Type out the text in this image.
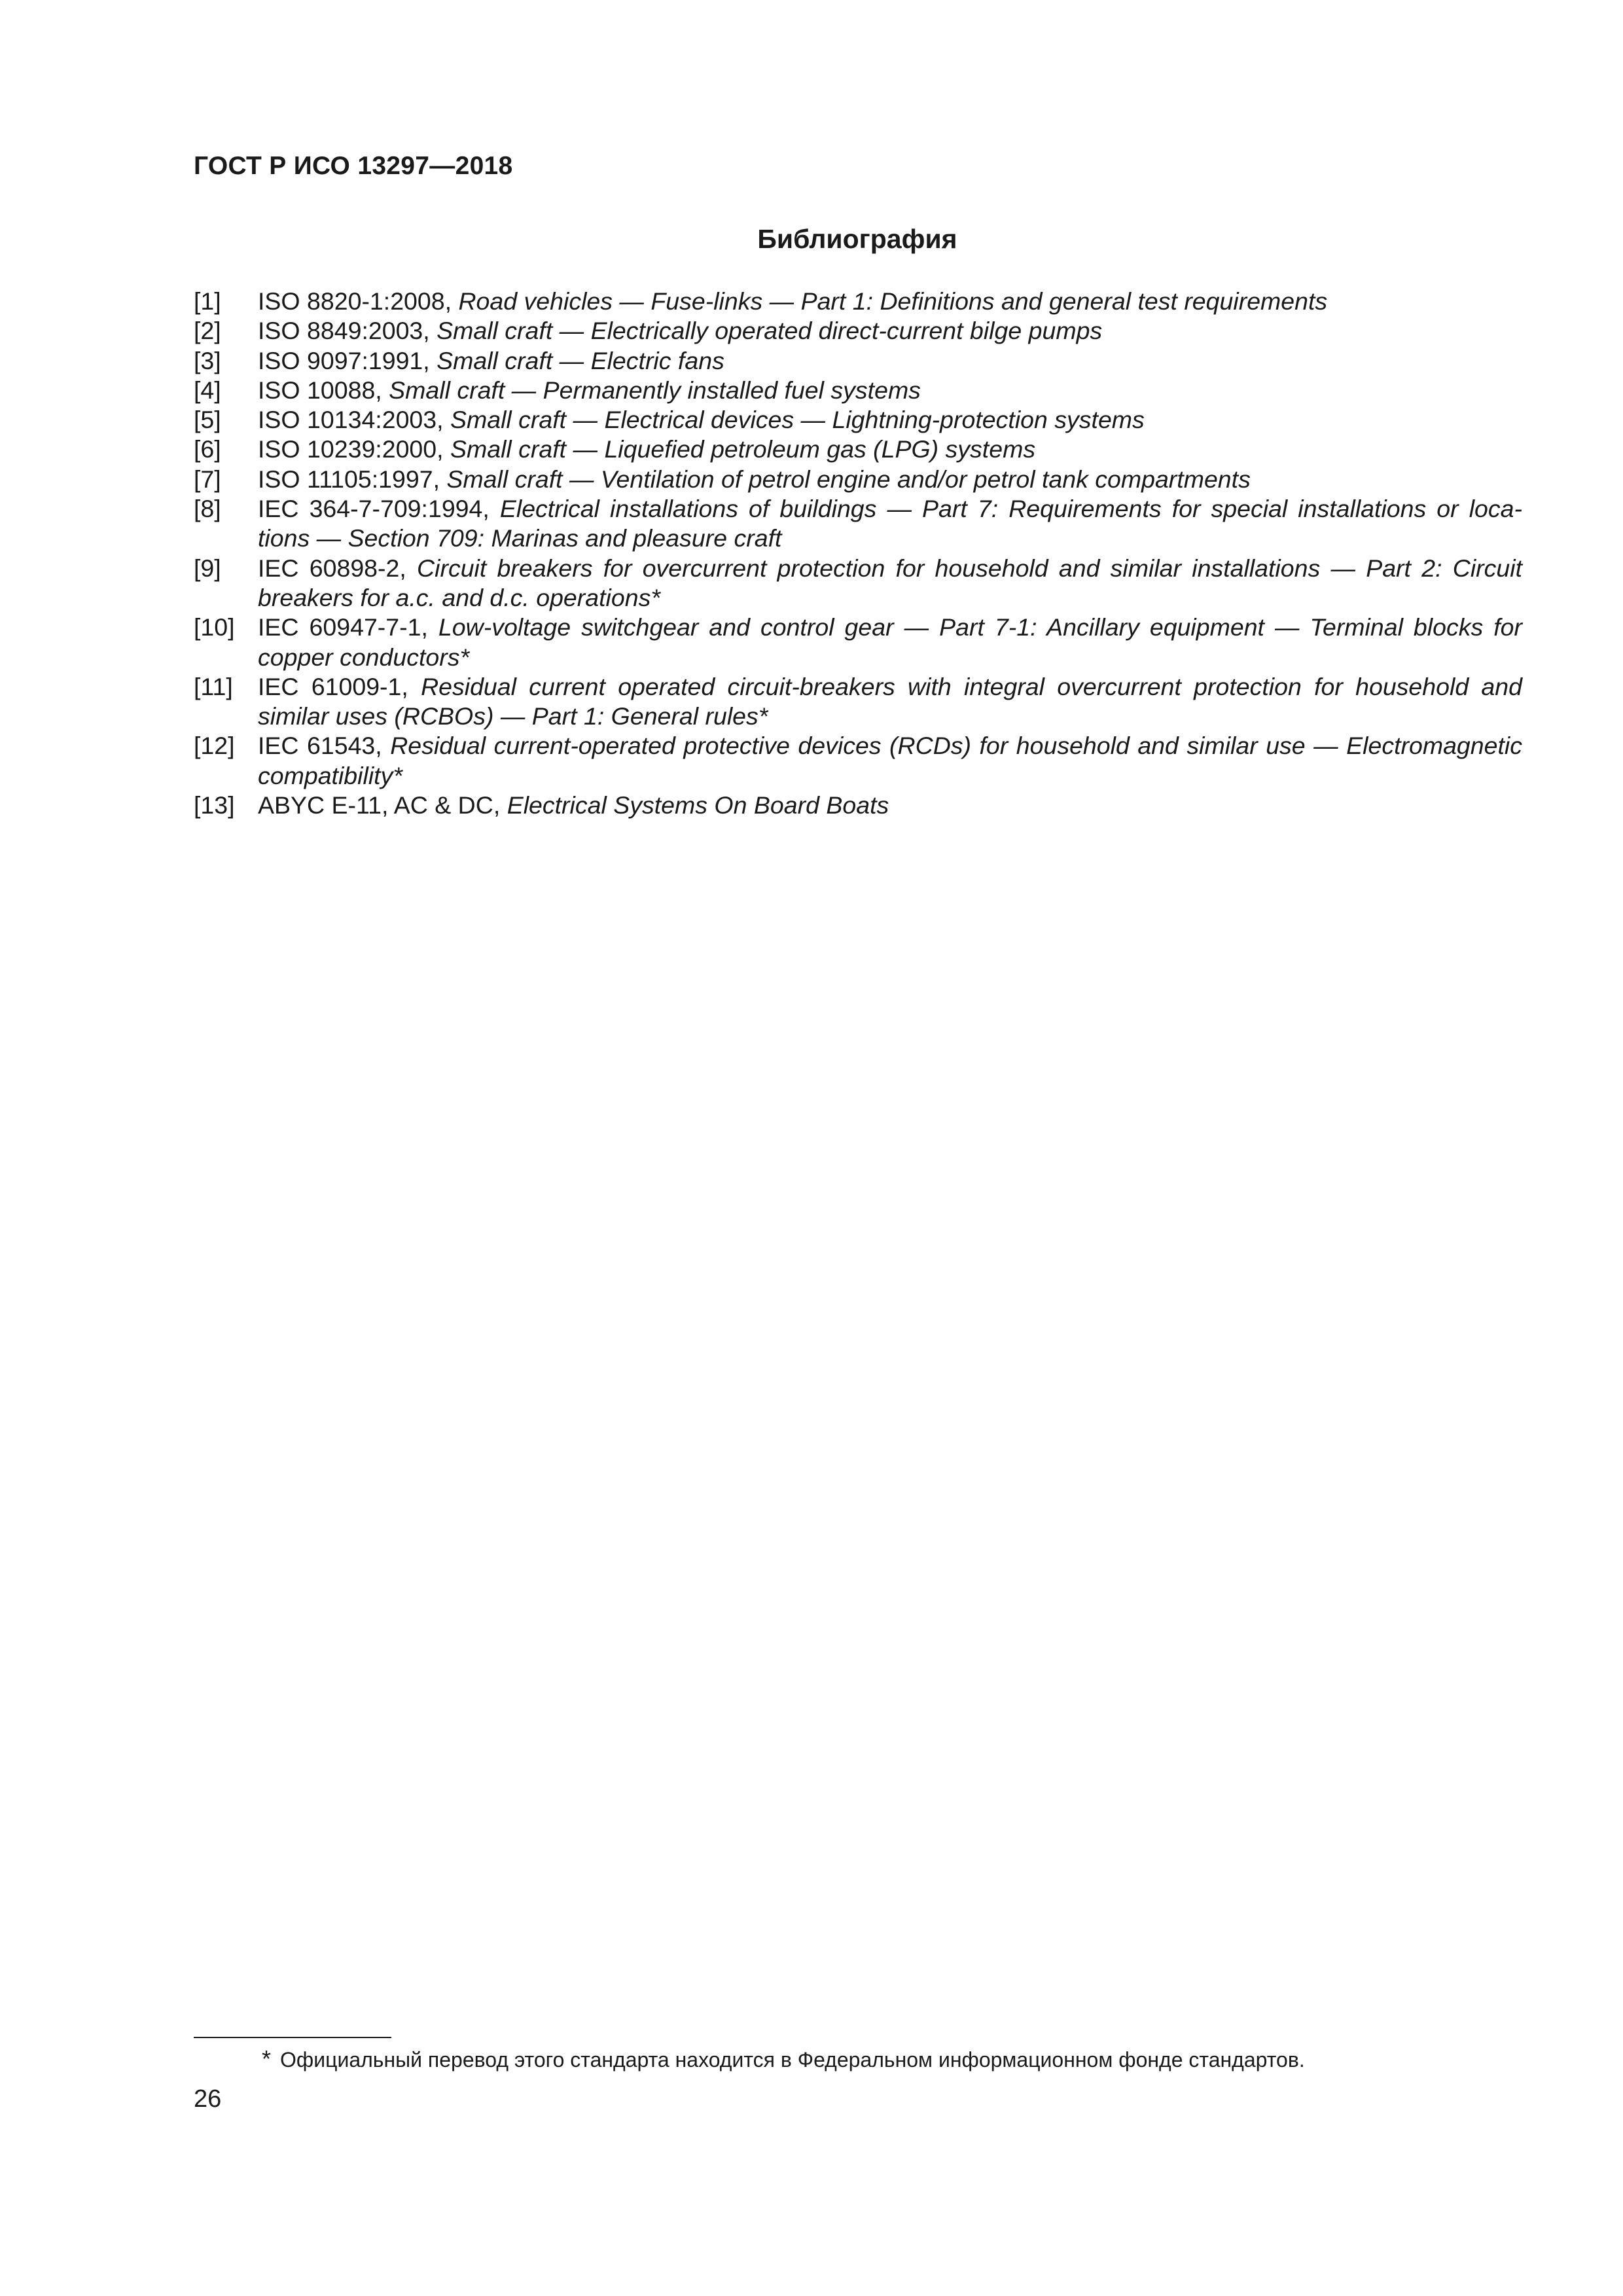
ГОСТ Р ИСО 13297—2018
Библиография
[1] ISO 8820-1:2008, Road vehicles — Fuse-links — Part 1: Definitions and general test requirements
[2] ISO 8849:2003, Small craft — Electrically operated direct-current bilge pumps
[3] ISO 9097:1991, Small craft — Electric fans
[4] ISO 10088, Small craft — Permanently installed fuel systems
[5] ISO 10134:2003, Small craft — Electrical devices — Lightning-protection systems
[6] ISO 10239:2000, Small craft — Liquefied petroleum gas (LPG) systems
[7] ISO 11105:1997, Small craft — Ventilation of petrol engine and/or petrol tank compartments
[8] IEC 364-7-709:1994, Electrical installations of buildings — Part 7: Requirements for special installations or loca-tions — Section 709: Marinas and pleasure craft
[9] IEC 60898-2, Circuit breakers for overcurrent protection for household and similar installations — Part 2: Circuit breakers for a.c. and d.c. operations*
[10] IEC 60947-7-1, Low-voltage switchgear and control gear — Part 7-1: Ancillary equipment — Terminal blocks for copper conductors*
[11] IEC 61009-1, Residual current operated circuit-breakers with integral overcurrent protection for household and similar uses (RCBOs) — Part 1: General rules*
[12] IEC 61543, Residual current-operated protective devices (RCDs) for household and similar use — Electromagnetic compatibility*
[13] ABYC E-11, AC & DC, Electrical Systems On Board Boats
* Официальный перевод этого стандарта находится в Федеральном информационном фонде стандартов.
26
